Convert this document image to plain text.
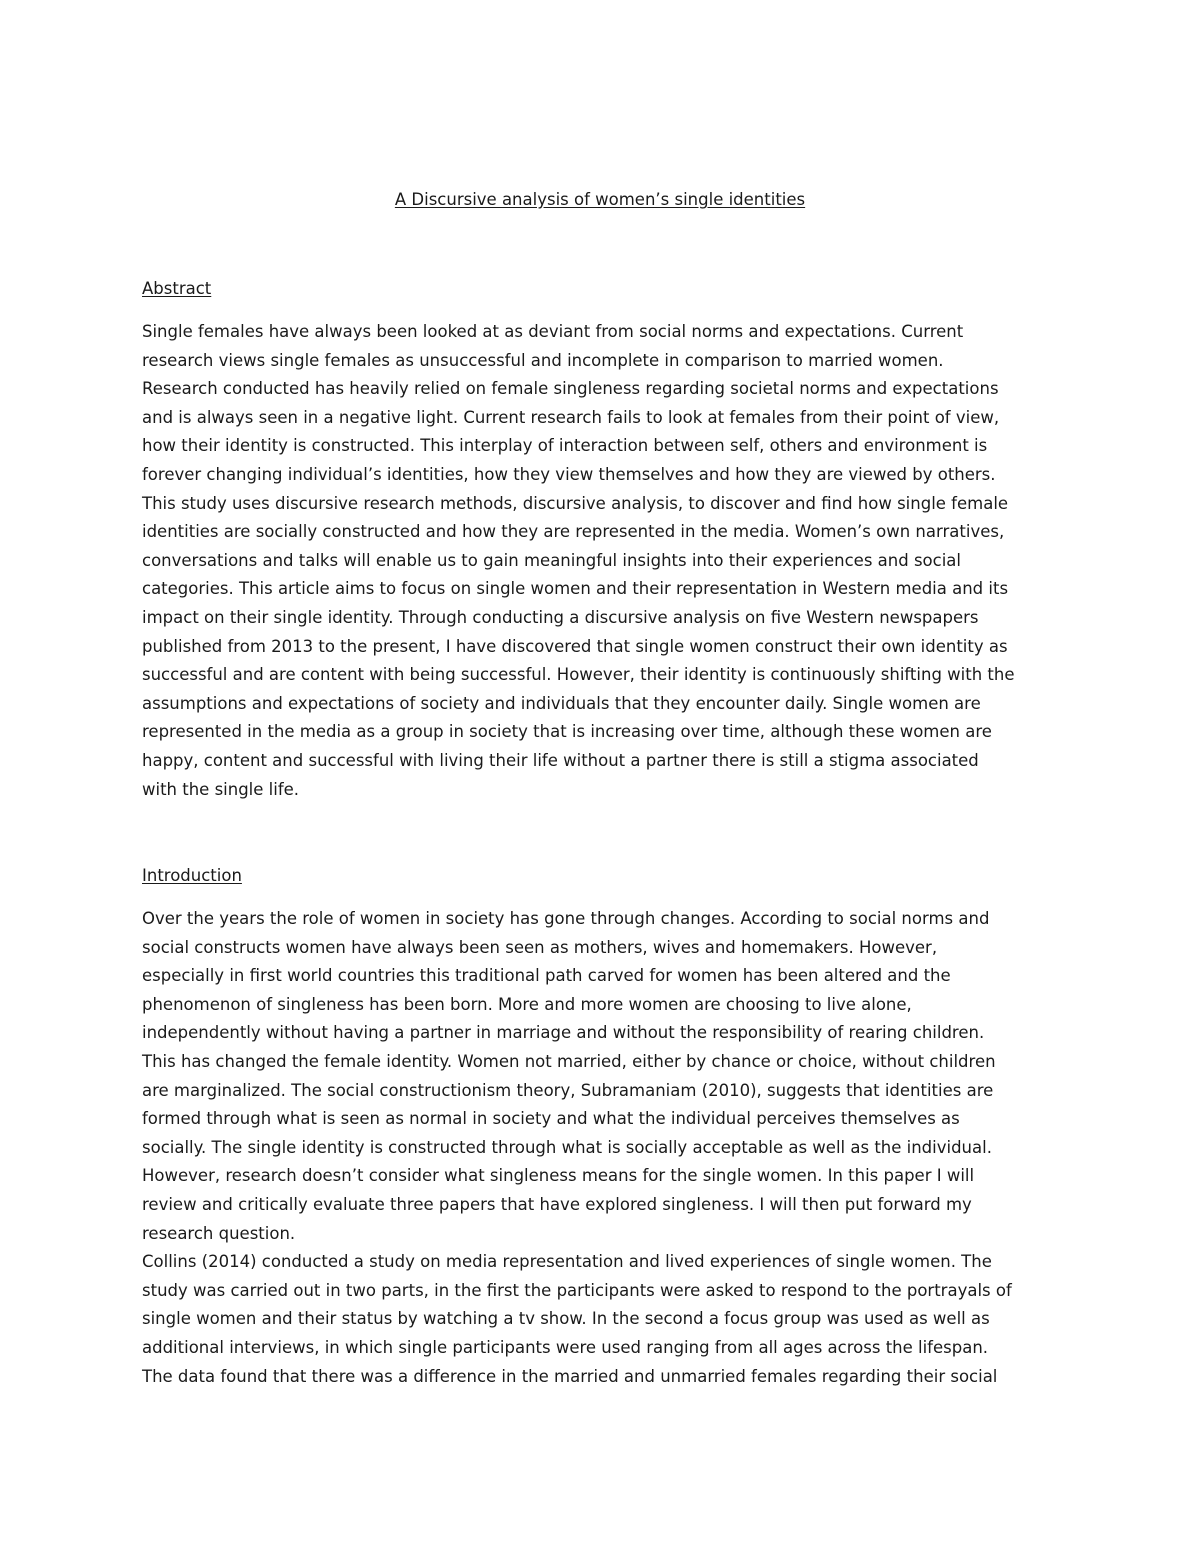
A Discursive analysis of women’s single identities
Abstract

Single females have always been looked at as deviant from social norms and expectations. Current
research views single females as unsuccessful and incomplete in comparison to married women.
Research conducted has heavily relied on female singleness regarding societal norms and expectations
and is always seen in a negative light. Current research fails to look at females from their point of view,
how their identity is constructed. This interplay of interaction between self, others and environment is
forever changing individual’s identities, how they view themselves and how they are viewed by others.
This study uses discursive research methods, discursive analysis, to discover and find how single female
identities are socially constructed and how they are represented in the media. Women’s own narratives,
conversations and talks will enable us to gain meaningful insights into their experiences and social
categories. This article aims to focus on single women and their representation in Western media and its
impact on their single identity. Through conducting a discursive analysis on five Western newspapers
published from 2013 to the present, I have discovered that single women construct their own identity as
successful and are content with being successful. However, their identity is continuously shifting with the
assumptions and expectations of society and individuals that they encounter daily. Single women are
represented in the media as a group in society that is increasing over time, although these women are
happy, content and successful with living their life without a partner there is still a stigma associated
with the single life.

Introduction

Over the years the role of women in society has gone through changes. According to social norms and
social constructs women have always been seen as mothers, wives and homemakers. However,
especially in first world countries this traditional path carved for women has been altered and the
phenomenon of singleness has been born. More and more women are choosing to live alone,
independently without having a partner in marriage and without the responsibility of rearing children.
This has changed the female identity. Women not married, either by chance or choice, without children
are marginalized. The social constructionism theory, Subramaniam (2010), suggests that identities are
formed through what is seen as normal in society and what the individual perceives themselves as
socially. The single identity is constructed through what is socially acceptable as well as the individual.
However, research doesn’t consider what singleness means for the single women. In this paper I will
review and critically evaluate three papers that have explored singleness. I will then put forward my
research question.
Collins (2014) conducted a study on media representation and lived experiences of single women. The
study was carried out in two parts, in the first the participants were asked to respond to the portrayals of
single women and their status by watching a tv show. In the second a focus group was used as well as
additional interviews, in which single participants were used ranging from all ages across the lifespan.
The data found that there was a difference in the married and unmarried females regarding their social
